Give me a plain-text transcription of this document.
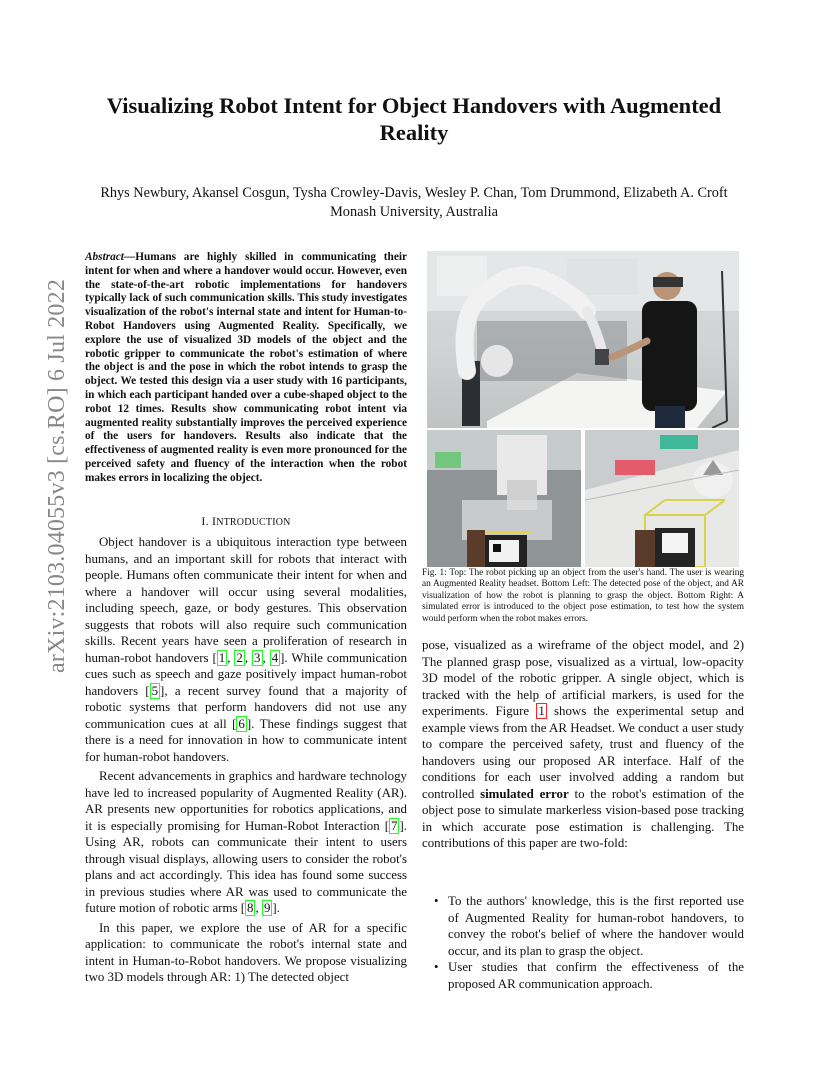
arXiv:2103.04055v3 [cs.RO] 6 Jul 2022
Visualizing Robot Intent for Object Handovers with Augmented Reality
Rhys Newbury, Akansel Cosgun, Tysha Crowley-Davis, Wesley P. Chan, Tom Drummond, Elizabeth A. Croft
Monash University, Australia
Abstract—Humans are highly skilled in communicating their intent for when and where a handover would occur. However, even the state-of-the-art robotic implementations for handovers typically lack of such communication skills. This study investigates visualization of the robot's internal state and intent for Human-to-Robot Handovers using Augmented Reality. Specifically, we explore the use of visualized 3D models of the object and the robotic gripper to communicate the robot's estimation of where the object is and the pose in which the robot intends to grasp the object. We tested this design via a user study with 16 participants, in which each participant handed over a cube-shaped object to the robot 12 times. Results show communicating robot intent via augmented reality substantially improves the perceived experience of the users for handovers. Results also indicate that the effectiveness of augmented reality is even more pronounced for the perceived safety and fluency of the interaction when the robot makes errors in localizing the object.
I. INTRODUCTION

Object handover is a ubiquitous interaction type between humans, and an important skill for robots that interact with people. Humans often communicate their intent for when and where a handover will occur using several modalities, including speech, gaze, or body gestures. This observation suggests that robots will also require such communication skills. Recent years have seen a proliferation of research in human-robot handovers [ 1 , 2 , 3 , 4 ]. While communication cues such as speech and gaze positively impact human-robot handovers [ 5 ], a recent survey found that a majority of robotic systems that perform handovers did not use any communication cues at all [ 6 ]. These findings suggest that there is a need for innovation in how to communicate intent for human-robot handovers.

Recent advancements in graphics and hardware technology have led to increased popularity of Augmented Reality (AR). AR presents new opportunities for robotics applications, and it is especially promising for Human-Robot Interaction [ 7 ]. Using AR, robots can communicate their intent to users through visual displays, allowing users to consider the robot's plans and act accordingly. This idea has found some success in previous studies where AR was used to communicate the future motion of robotic arms [ 8 , 9 ].

In this paper, we explore the use of AR for a specific application: to communicate the robot's internal state and intent in Human-to-Robot handovers. We propose visualizing two 3D models through AR: 1) The detected object

Fig. 1: Top: The robot picking up an object from the user's hand. The user is wearing an Augmented Reality headset. Bottom Left: The detected pose of the object, and AR visualization of how the robot is planning to grasp the object. Bottom Right: A simulated error is introduced to the object pose estimation, to test how the system would perform when the robot makes errors.

pose, visualized as a wireframe of the object model, and 2) The planned grasp pose, visualized as a virtual, low-opacity 3D model of the robotic gripper. A single object, which is tracked with the help of artificial markers, is used for the experiments. Figure 1 shows the experimental setup and example views from the AR Headset. We conduct a user study to compare the perceived safety, trust and fluency of the handovers using our proposed AR interface. Half of the conditions for each user involved adding a random but controlled simulated error to the robot's estimation of the object pose to simulate markerless vision-based pose tracking in which accurate pose estimation is challenging. The contributions of this paper are two-fold:

• To the authors' knowledge, this is the first reported use of Augmented Reality for human-robot handovers, to convey the robot's belief of where the handover would occur, and its plan to grasp the object.
• User studies that confirm the effectiveness of the proposed AR communication approach.
